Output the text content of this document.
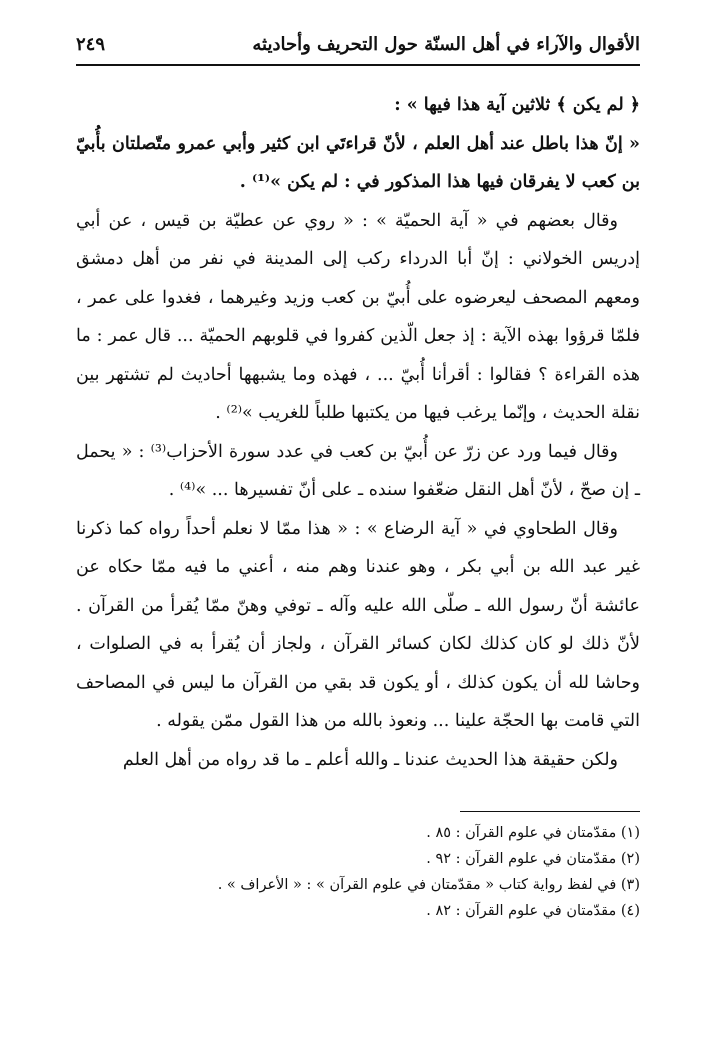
الأقوال والآراء في أهل السنّة حول التحريف وأحاديثه
٢٤٩

﴿ لم يكن ﴾ ثلاثين آية هذا فيها » :

« إنّ هذا باطل عند أهل العلم ، لأنّ قراءتَي ابن كثير وأبي عمرو متّصلتان بأُبيّ بن كعب لا يفرقان فيها هذا المذكور في : لم يكن »⁽¹⁾ .

وقال بعضهم في « آية الحميّة » : « روي عن عطيّة بن قيس ، عن أبي إدريس الخولاني : إنّ أبا الدرداء ركب إلى المدينة في نفر من أهل دمشق ومعهم المصحف ليعرضوه على أُبيّ بن كعب وزيد وغيرهما ، فغدوا على عمر ، فلمّا قرؤوا بهذه الآية : إذ جعل الّذين كفروا في قلوبهم الحميّة ... قال عمر : ما هذه القراءة ؟ فقالوا : أقرأنا أُبيّ ... ، فهذه وما يشبهها أحاديث لم تشتهر بين نقلة الحديث ، وإنّما يرغب فيها من يكتبها طلباً للغريب »⁽²⁾ .

وقال فيما ورد عن زرّ عن أُبيّ بن كعب في عدد سورة الأحزاب⁽³⁾ : « يحمل ـ إن صحّ ، لأنّ أهل النقل ضعّفوا سنده ـ على أنّ تفسيرها ... »⁽⁴⁾ .

وقال الطحاوي في « آية الرضاع » : « هذا ممّا لا نعلم أحداً رواه كما ذكرنا غير عبد الله بن أبي بكر ، وهو عندنا وهم منه ، أعني ما فيه ممّا حكاه عن عائشة أنّ رسول الله ـ صلّى الله عليه وآله ـ توفي وهنّ ممّا يُقرأ من القرآن . لأنّ ذلك لو كان كذلك لكان كسائر القرآن ، ولجاز أن يُقرأ به في الصلوات ، وحاشا لله أن يكون كذلك ، أو يكون قد بقي من القرآن ما ليس في المصاحف التي قامت بها الحجّة علينا ... ونعوذ بالله من هذا القول ممّن يقوله .

ولكن حقيقة هذا الحديث عندنا ـ والله أعلم ـ ما قد رواه من أهل العلم

(١) مقدّمتان في علوم القرآن : ٨٥ .

(٢) مقدّمتان في علوم القرآن : ٩٢ .

(٣) في لفظ رواية كتاب « مقدّمتان في علوم القرآن » : « الأعراف » .

(٤) مقدّمتان في علوم القرآن : ٨٢ .
